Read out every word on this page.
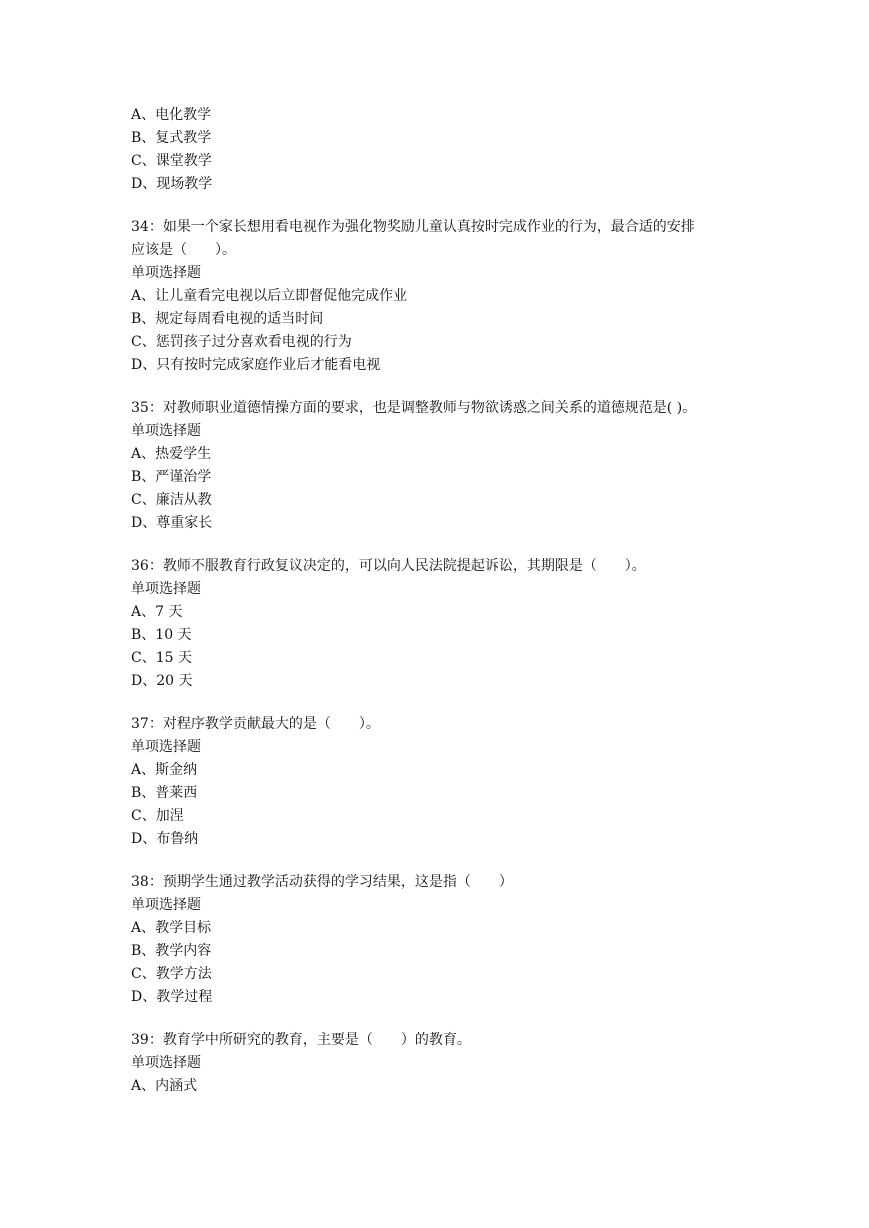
A、电化教学

B、复式教学

C、课堂教学

D、现场教学

34：如果一个家长想用看电视作为强化物奖励儿童认真按时完成作业的行为，最合适的安排

应该是（　　）。

单项选择题

A、让儿童看完电视以后立即督促他完成作业

B、规定每周看电视的适当时间

C、惩罚孩子过分喜欢看电视的行为

D、只有按时完成家庭作业后才能看电视

35：对教师职业道德情操方面的要求，也是调整教师与物欲诱惑之间关系的道德规范是( )。

单项选择题

A、热爱学生

B、严谨治学

C、廉洁从教

D、尊重家长

36：教师不服教育行政复议决定的，可以向人民法院提起诉讼，其期限是（　　）。

单项选择题

A、7 天

B、10 天

C、15 天

D、20 天

37：对程序教学贡献最大的是（　　）。

单项选择题

A、斯金纳

B、普莱西

C、加涅

D、布鲁纳

38：预期学生通过教学活动获得的学习结果，这是指（　　）

单项选择题

A、教学目标

B、教学内容

C、教学方法

D、教学过程

39：教育学中所研究的教育，主要是（　　）的教育。

单项选择题

A、内涵式
